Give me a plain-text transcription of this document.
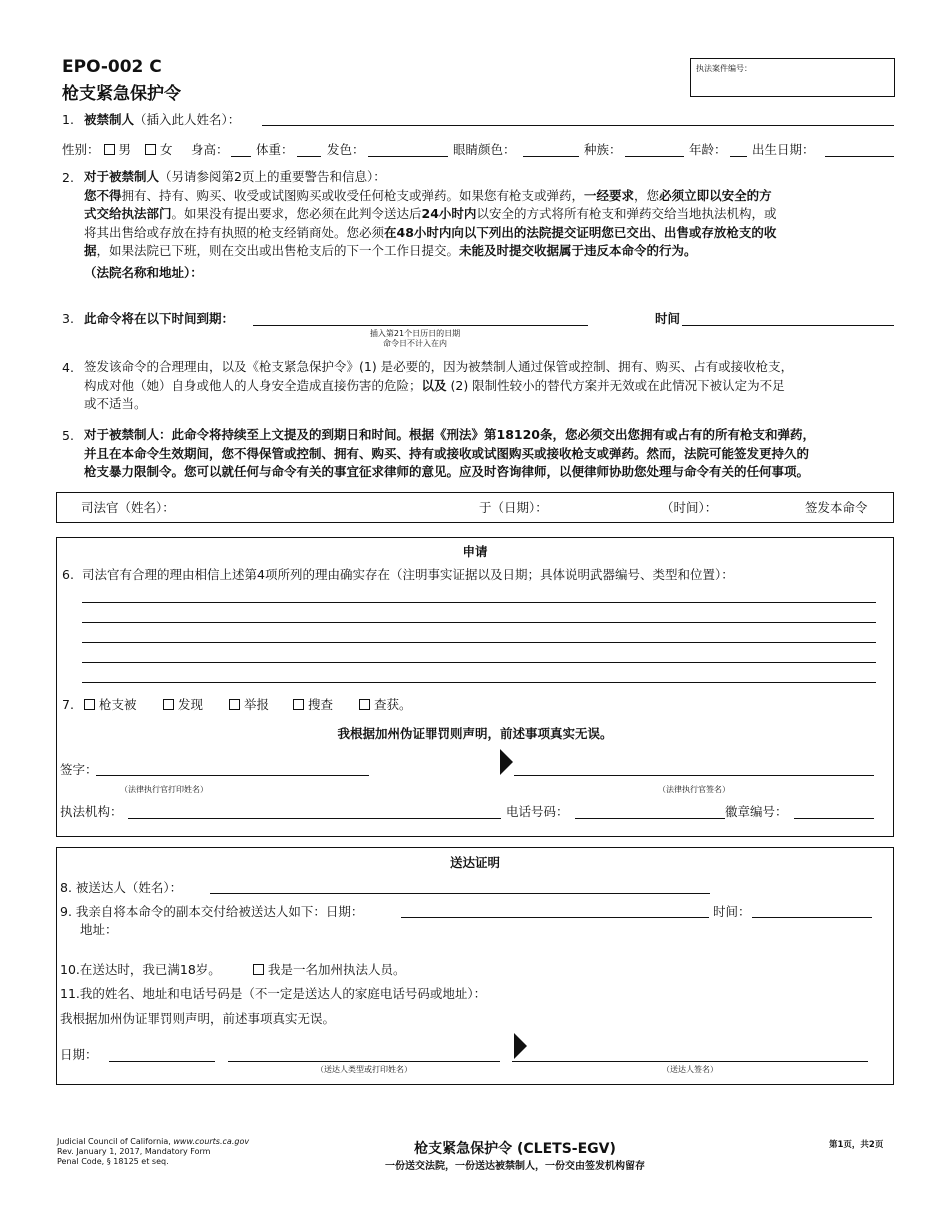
EPO-002 C
枪支紧急保护令
执法案件编号：
1. 被禁制人（插入此人姓名）：
性别： 男 女 身高： 体重：	发色：	眼睛颜色：	种族：	年龄： 出生日期：
2. 对于被禁制人（另请参阅第2页上的重要警告和信息）：
您不得拥有、持有、购买、收受或试图购买或收受任何枪支或弹药。如果您有枪支或弹药，一经要求，您必须立即以安全的方
式交给执法部门。如果没有提出要求，您必须在此判令送达后24小时内以安全的方式将所有枪支和弹药交给当地执法机构，或
将其出售给或存放在持有执照的枪支经销商处。您必须在48小时内向以下列出的法院提交证明您已交出、出售或存放枪支的收
据，如果法院已下班，则在交出或出售枪支后的下一个工作日提交。未能及时提交收据属于违反本命令的行为。
（法院名称和地址）：
3. 此命令将在以下时间到期：
插入第21个日历日的日期
命令日不计入在内
时间
4. 签发该命令的合理理由，以及《枪支紧急保护令》(1) 是必要的，因为被禁制人通过保管或控制、拥有、购买、占有或接收枪支，
构成对他（她）自身或他人的人身安全造成直接伤害的危险；以及 (2) 限制性较小的替代方案并无效或在此情况下被认定为不足
或不适当。
5. 对于被禁制人：此命令将持续至上文提及的到期日和时间。根据《刑法》第18120条，您必须交出您拥有或占有的所有枪支和弹药，
并且在本命令生效期间，您不得保管或控制、拥有、购买、持有或接收或试图购买或接收枪支或弹药。然而，法院可能签发更持久的
枪支暴力限制令。您可以就任何与命令有关的事宜征求律师的意见。应及时咨询律师，以便律师协助您处理与命令有关的任何事项。
司法官（姓名）：	于（日期）：	（时间）：	签发本命令
申请
6. 司法官有合理的理由相信上述第4项所列的理由确实存在（注明事实证据以及日期；具体说明武器编号、类型和位置）：
7.	枪支被	发现	举报	搜查	查获。
我根据加州伪证罪罚则声明，前述事项真实无误。
签字：
（法律执行官打印姓名）	（法律执行官签名）
执法机构：	电话号码：	徽章编号：
送达证明
8. 被送达人（姓名）：
9. 我亲自将本命令的副本交付给被送达人如下：日期：	时间：
地址：
10.在送达时，我已满18岁。	我是一名加州执法人员。
11.我的姓名、地址和电话号码是（不一定是送达人的家庭电话号码或地址）：
我根据加州伪证罪罚则声明，前述事项真实无误。
日期：
（送达人类型或打印姓名）	（送达人签名）
Judicial Council of California, www.courts.ca.gov
Rev. January 1, 2017, Mandatory Form
Penal Code, § 18125 et seq.
枪支紧急保护令 (CLETS-EGV)
一份送交法院，一份送达被禁制人，一份交由签发机构留存
第1页，共2页
